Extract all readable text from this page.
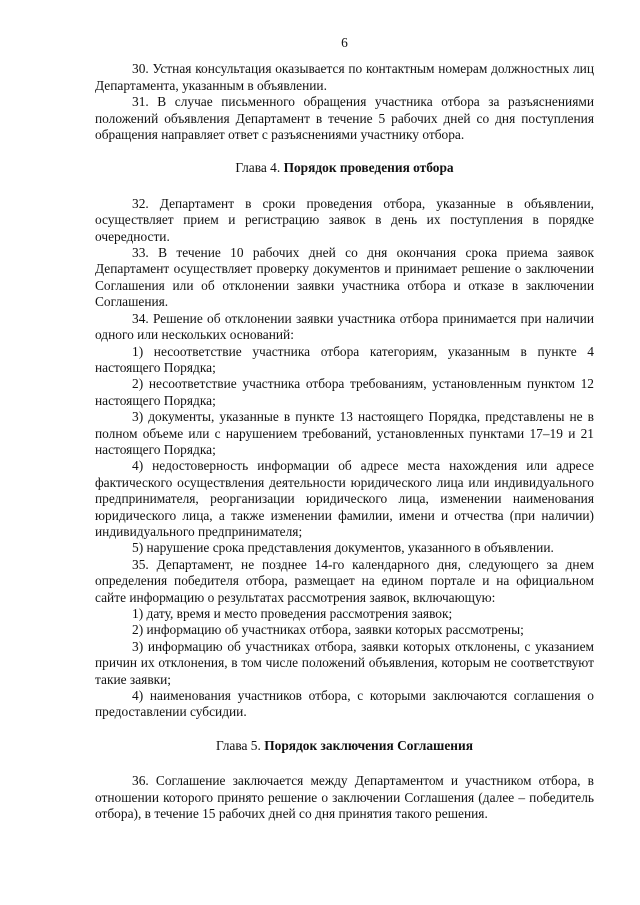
6

30. Устная консультация оказывается по контактным номерам должностных лиц Департамента, указанным в объявлении.

31. В случае письменного обращения участника отбора за разъяснениями положений объявления Департамент в течение 5 рабочих дней со дня поступления обращения направляет ответ с разъяснениями участнику отбора.

Глава 4. Порядок проведения отбора

32. Департамент в сроки проведения отбора, указанные в объявлении, осуществляет прием и регистрацию заявок в день их поступления в порядке очередности.

33. В течение 10 рабочих дней со дня окончания срока приема заявок Департамент осуществляет проверку документов и принимает решение о заключении Соглашения или об отклонении заявки участника отбора и отказе в заключении Соглашения.

34. Решение об отклонении заявки участника отбора принимается при наличии одного или нескольких оснований:

1) несоответствие участника отбора категориям, указанным в пункте 4 настоящего Порядка;

2) несоответствие участника отбора требованиям, установленным пунктом 12 настоящего Порядка;

3) документы, указанные в пункте 13 настоящего Порядка, представлены не в полном объеме или с нарушением требований, установленных пунктами 17–19 и 21 настоящего Порядка;

4) недостоверность информации об адресе места нахождения или адресе фактического осуществления деятельности юридического лица или индивидуального предпринимателя, реорганизации юридического лица, изменении наименования юридического лица, а также изменении фамилии, имени и отчества (при наличии) индивидуального предпринимателя;

5) нарушение срока представления документов, указанного в объявлении.

35. Департамент, не позднее 14-го календарного дня, следующего за днем определения победителя отбора, размещает на едином портале и на официальном сайте информацию о результатах рассмотрения заявок, включающую:

1) дату, время и место проведения рассмотрения заявок;

2) информацию об участниках отбора, заявки которых рассмотрены;

3) информацию об участниках отбора, заявки которых отклонены, с указанием причин их отклонения, в том числе положений объявления, которым не соответствуют такие заявки;

4) наименования участников отбора, с которыми заключаются соглашения о предоставлении субсидии.

Глава 5. Порядок заключения Соглашения

36. Соглашение заключается между Департаментом и участником отбора, в отношении которого принято решение о заключении Соглашения (далее – победитель отбора), в течение 15 рабочих дней со дня принятия такого решения.
